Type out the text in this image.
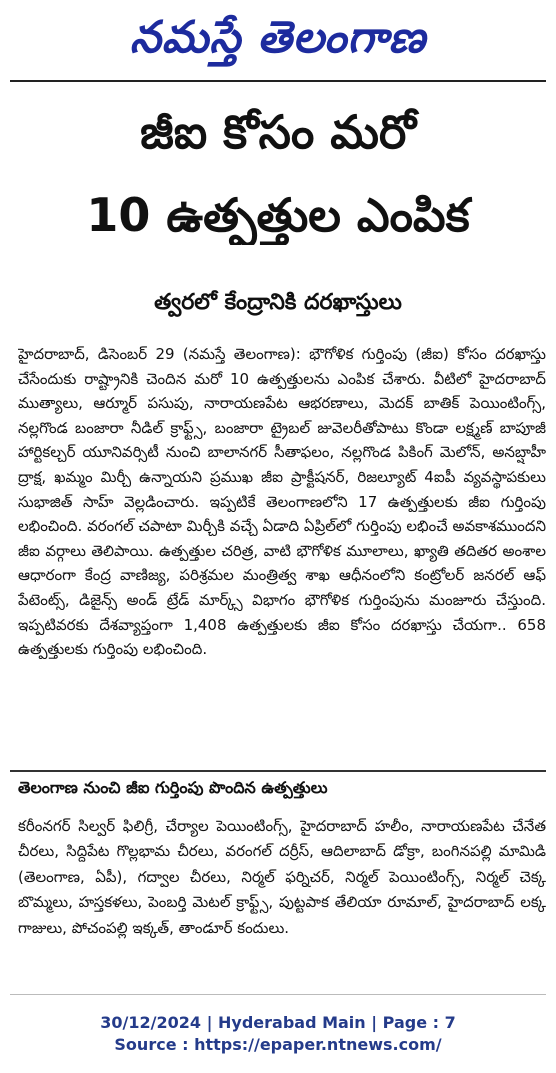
నమస్తే తెలంగాణ
జీఐ కోసం మరో
10 ఉత్పత్తుల ఎంపిక
త్వరలో కేంద్రానికి దరఖాస్తులు
హైదరాబాద్, డిసెంబర్ 29 (నమస్తే తెలంగాణ): భౌగోళిక గుర్తింపు (జీఐ) కోసం దరఖాస్తు చేసేందుకు రాష్ట్రానికి చెందిన మరో 10 ఉత్పత్తులను ఎంపిక చేశారు. వీటిలో హైదరాబాద్ ముత్యాలు, ఆర్మూర్ పసుపు, నారాయణపేట ఆభరణాలు, మెదక్ బాతిక్ పెయింటింగ్స్, నల్లగొండ బంజారా నీడిల్ క్రాఫ్ట్స్, బంజారా ట్రైబల్ జువెలరీతోపాటు కొండా లక్ష్మణ్ బాపూజీ హార్టికల్చర్ యూనివర్సిటీ నుంచి బాలానగర్ సీతాఫలం, నల్లగొండ పికింగ్ మెలోన్, అనబ్షాహీ ద్రాక్ష, ఖమ్మం మిర్చీ ఉన్నాయని ప్రముఖ జీఐ ప్రాక్టీషనర్, రిజల్యూట్ 4ఐపీ వ్యవస్థాపకులు సుభాజిత్ సాహ్ వెల్లడించారు. ఇప్పటికే తెలంగాణలోని 17 ఉత్పత్తులకు జీఐ గుర్తింపు లభించింది. వరంగల్ చపాటా మిర్చీకి వచ్చే ఏడాది ఏప్రిల్‌లో గుర్తింపు లభించే అవకాశముందని జీఐ వర్గాలు తెలిపాయి. ఉత్పత్తుల చరిత్ర, వాటి భౌగోళిక మూలాలు, ఖ్యాతి తదితర అంశాల ఆధారంగా కేంద్ర వాణిజ్య, పరిశ్రమల మంత్రిత్వ శాఖ ఆధీనంలోని కంట్రోలర్ జనరల్ ఆఫ్ పేటెంట్స్, డిజైన్స్ అండ్ ట్రేడ్ మార్క్స్ విభాగం భౌగోళిక గుర్తింపును మంజూరు చేస్తుంది. ఇప్పటివరకు దేశవ్యాప్తంగా 1,408 ఉత్పత్తులకు జీఐ కోసం దరఖాస్తు చేయగా.. 658 ఉత్పత్తులకు గుర్తింపు లభించింది.
తెలంగాణ నుంచి జీఐ గుర్తింపు పొందిన ఉత్పత్తులు
కరీంనగర్ సిల్వర్ ఫిలిగ్రీ, చేర్యాల పెయింటింగ్స్, హైదరాబాద్ హలీం, నారాయణపేట చేనేత చీరలు, సిద్దిపేట గొల్లభామ చీరలు, వరంగల్ దర్రీస్, ఆదిలాబాద్ డోక్రా, బంగినపల్లి మామిడి (తెలంగాణ, ఏపీ), గద్వాల చీరలు, నిర్మల్ ఫర్నిచర్, నిర్మల్ పెయింటింగ్స్, నిర్మల్ చెక్క బొమ్మలు, హస్తకళలు, పెంబర్తి మెటల్ క్రాఫ్ట్స్, పుట్టపాక తేలియా రూమాల్, హైదరాబాద్ లక్క గాజులు, పోచంపల్లి ఇక్కత్, తాండూర్ కందులు.
30/12/2024 | Hyderabad Main | Page : 7
Source : https://epaper.ntnews.com/
